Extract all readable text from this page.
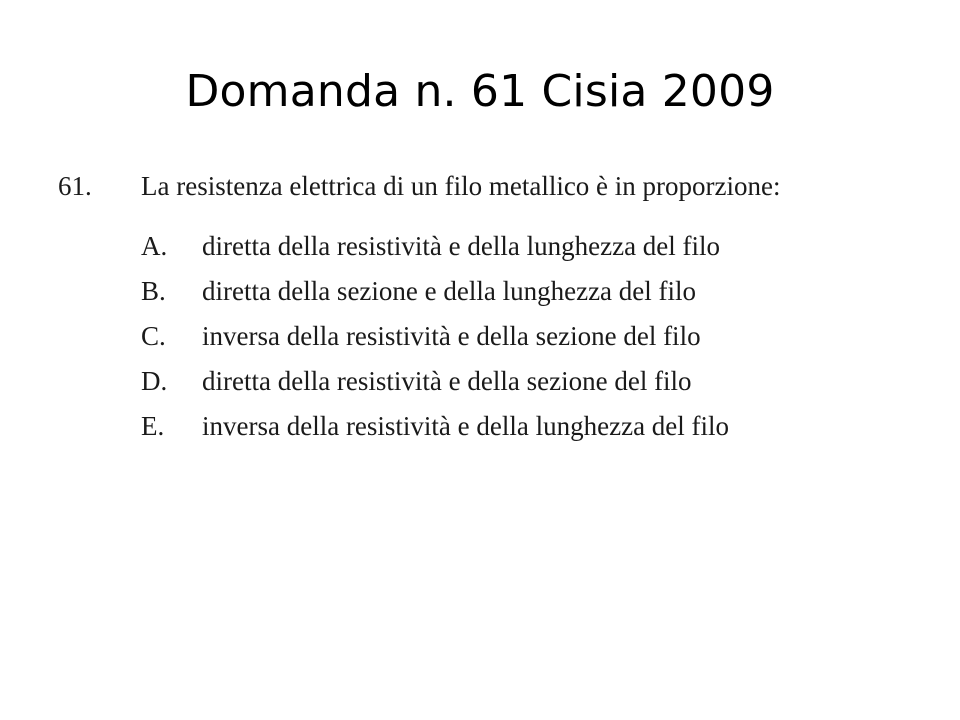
Domanda n. 61 Cisia 2009
61. La resistenza elettrica di un filo metallico è in proporzione:
A. diretta della resistività e della lunghezza del filo
B. diretta della sezione e della lunghezza del filo
C. inversa della resistività e della sezione del filo
D. diretta della resistività e della sezione del filo
E. inversa della resistività e della lunghezza del filo
